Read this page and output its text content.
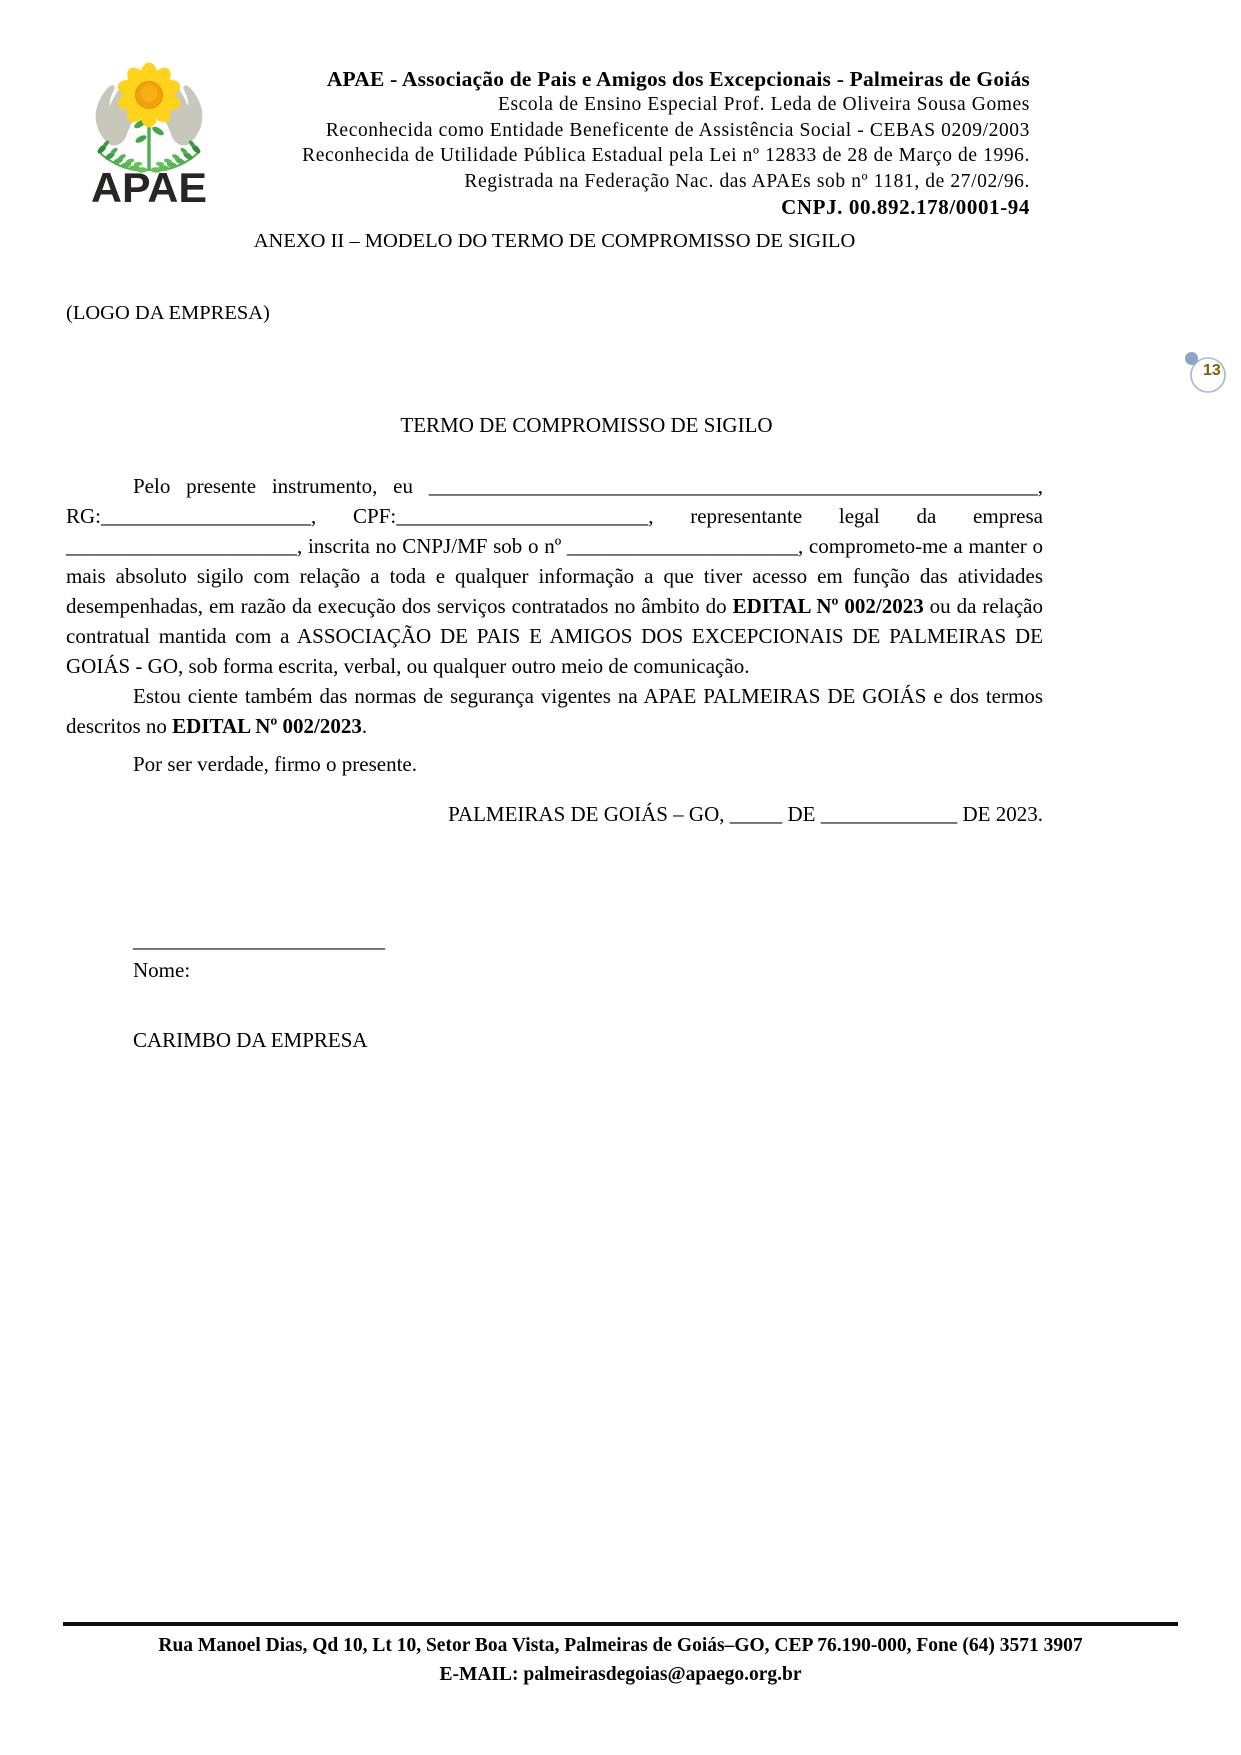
APAE
APAE - Associação de Pais e Amigos dos Excepcionais - Palmeiras de Goiás
Escola de Ensino Especial Prof. Leda de Oliveira Sousa Gomes
Reconhecida como Entidade Beneficente de Assistência Social - CEBAS 0209/2003
Reconhecida de Utilidade Pública Estadual pela Lei nº 12833 de 28 de Março de 1996.
Registrada na Federação Nac. das APAEs sob nº 1181, de 27/02/96.
CNPJ. 00.892.178/0001-94
ANEXO II – MODELO DO TERMO DE COMPROMISSO DE SIGILO
(LOGO DA EMPRESA)
13
TERMO DE COMPROMISSO DE SIGILO

Pelo presente instrumento, eu __________________________________________________________, RG:____________________, CPF:________________________, representante legal da empresa ______________________, inscrita no CNPJ/MF sob o nº ______________________, comprometo-me a manter o mais absoluto sigilo com relação a toda e qualquer informação a que tiver acesso em função das atividades desempenhadas, em razão da execução dos serviços contratados no âmbito do EDITAL Nº 002/2023 ou da relação contratual mantida com a ASSOCIAÇÃO DE PAIS E AMIGOS DOS EXCEPCIONAIS DE PALMEIRAS DE GOIÁS - GO, sob forma escrita, verbal, ou qualquer outro meio de comunicação.

Estou ciente também das normas de segurança vigentes na APAE PALMEIRAS DE GOIÁS e dos termos descritos no EDITAL Nº 002/2023.

Por ser verdade, firmo o presente.

PALMEIRAS DE GOIÁS – GO, _____ DE _____________ DE 2023.

________________________
Nome:
CARIMBO DA EMPRESA
Rua Manoel Dias, Qd 10, Lt 10, Setor Boa Vista, Palmeiras de Goiás–GO, CEP 76.190-000, Fone (64) 3571 3907
E-MAIL: palmeirasdegoias@apaego.org.br
